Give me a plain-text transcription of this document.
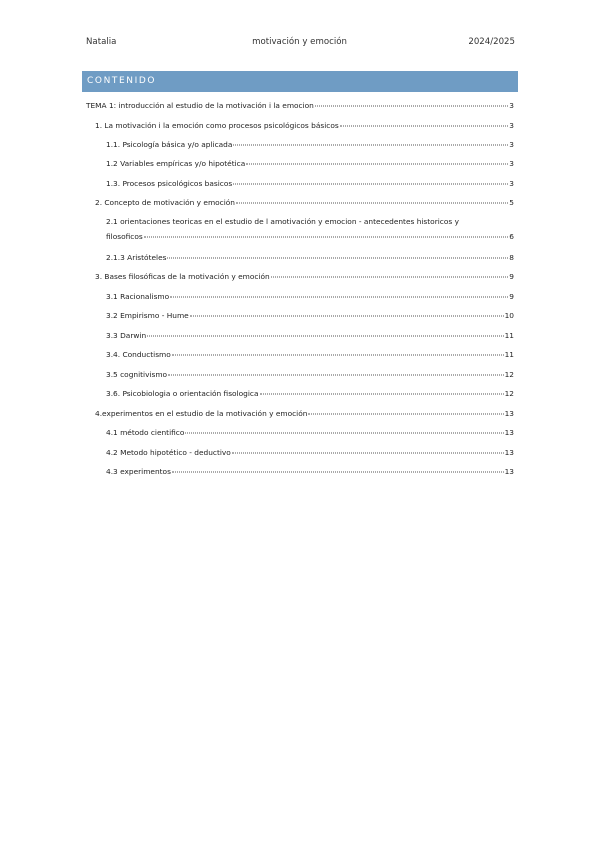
Natalia	motivación y emoción	2024/2025
CONTENIDO
TEMA 1: introducción al estudio de la motivación i la emocion	3
1. La motivación i la emoción como procesos psicológicos básicos	3
1.1. Psicología básica y/o aplicada	3
1.2 Variables empíricas y/o hipotética	3
1.3. Procesos psicológicos basicos	3
2. Concepto de motivación y emoción	5
2.1 orientaciones teoricas en el estudio de l amotivación y emocion - antecedentes historicos y
filosoficos	6
2.1.3 Aristóteles	8
3. Bases filosóficas de la motivación y emoción	9
3.1 Racionalismo	9
3.2 Empirismo - Hume	10
3.3 Darwin	11
3.4. Conductismo	11
3.5 cognitivismo	12
3.6. Psicobiologia o orientación fisologica	12
4.experimentos en el estudio de la motivación y emoción	13
4.1 método cientifico	13
4.2 Metodo hipotético - deductivo	13
4.3 experimentos	13
